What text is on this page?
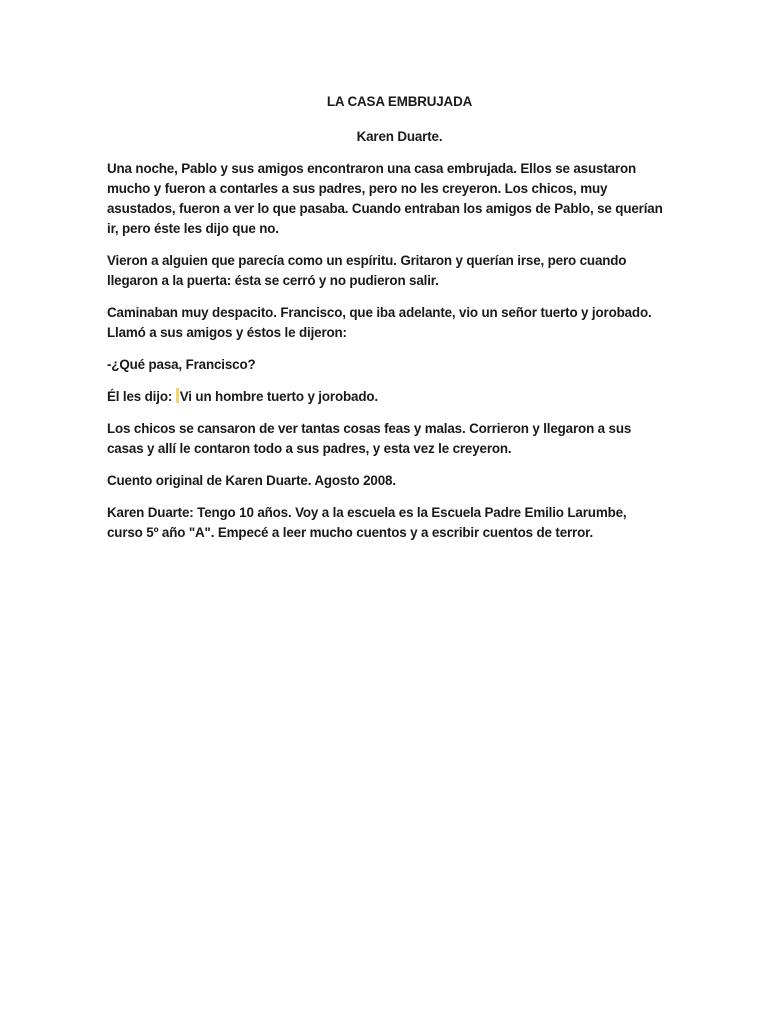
LA CASA EMBRUJADA
Karen Duarte.

Una noche, Pablo y sus amigos encontraron una casa embrujada. Ellos se asustaron mucho y fueron a contarles a sus padres, pero no les creyeron. Los chicos, muy asustados, fueron a ver lo que pasaba. Cuando entraban los amigos de Pablo, se querían ir, pero éste les dijo que no.

Vieron a alguien que parecía como un espíritu. Gritaron y querían irse, pero cuando llegaron a la puerta: ésta se cerró y no pudieron salir.

Caminaban muy despacito. Francisco, que iba adelante, vio un señor tuerto y jorobado. Llamó a sus amigos y éstos le dijeron:

-¿Qué pasa, Francisco?

Él les dijo: Vi un hombre tuerto y jorobado.

Los chicos se cansaron de ver tantas cosas feas y malas. Corrieron y llegaron a sus casas y allí le contaron todo a sus padres, y esta vez le creyeron.

Cuento original de Karen Duarte. Agosto 2008.

Karen Duarte: Tengo 10 años. Voy a la escuela es la Escuela Padre Emilio Larumbe, curso 5º año "A". Empecé a leer mucho cuentos y a escribir cuentos de terror.
